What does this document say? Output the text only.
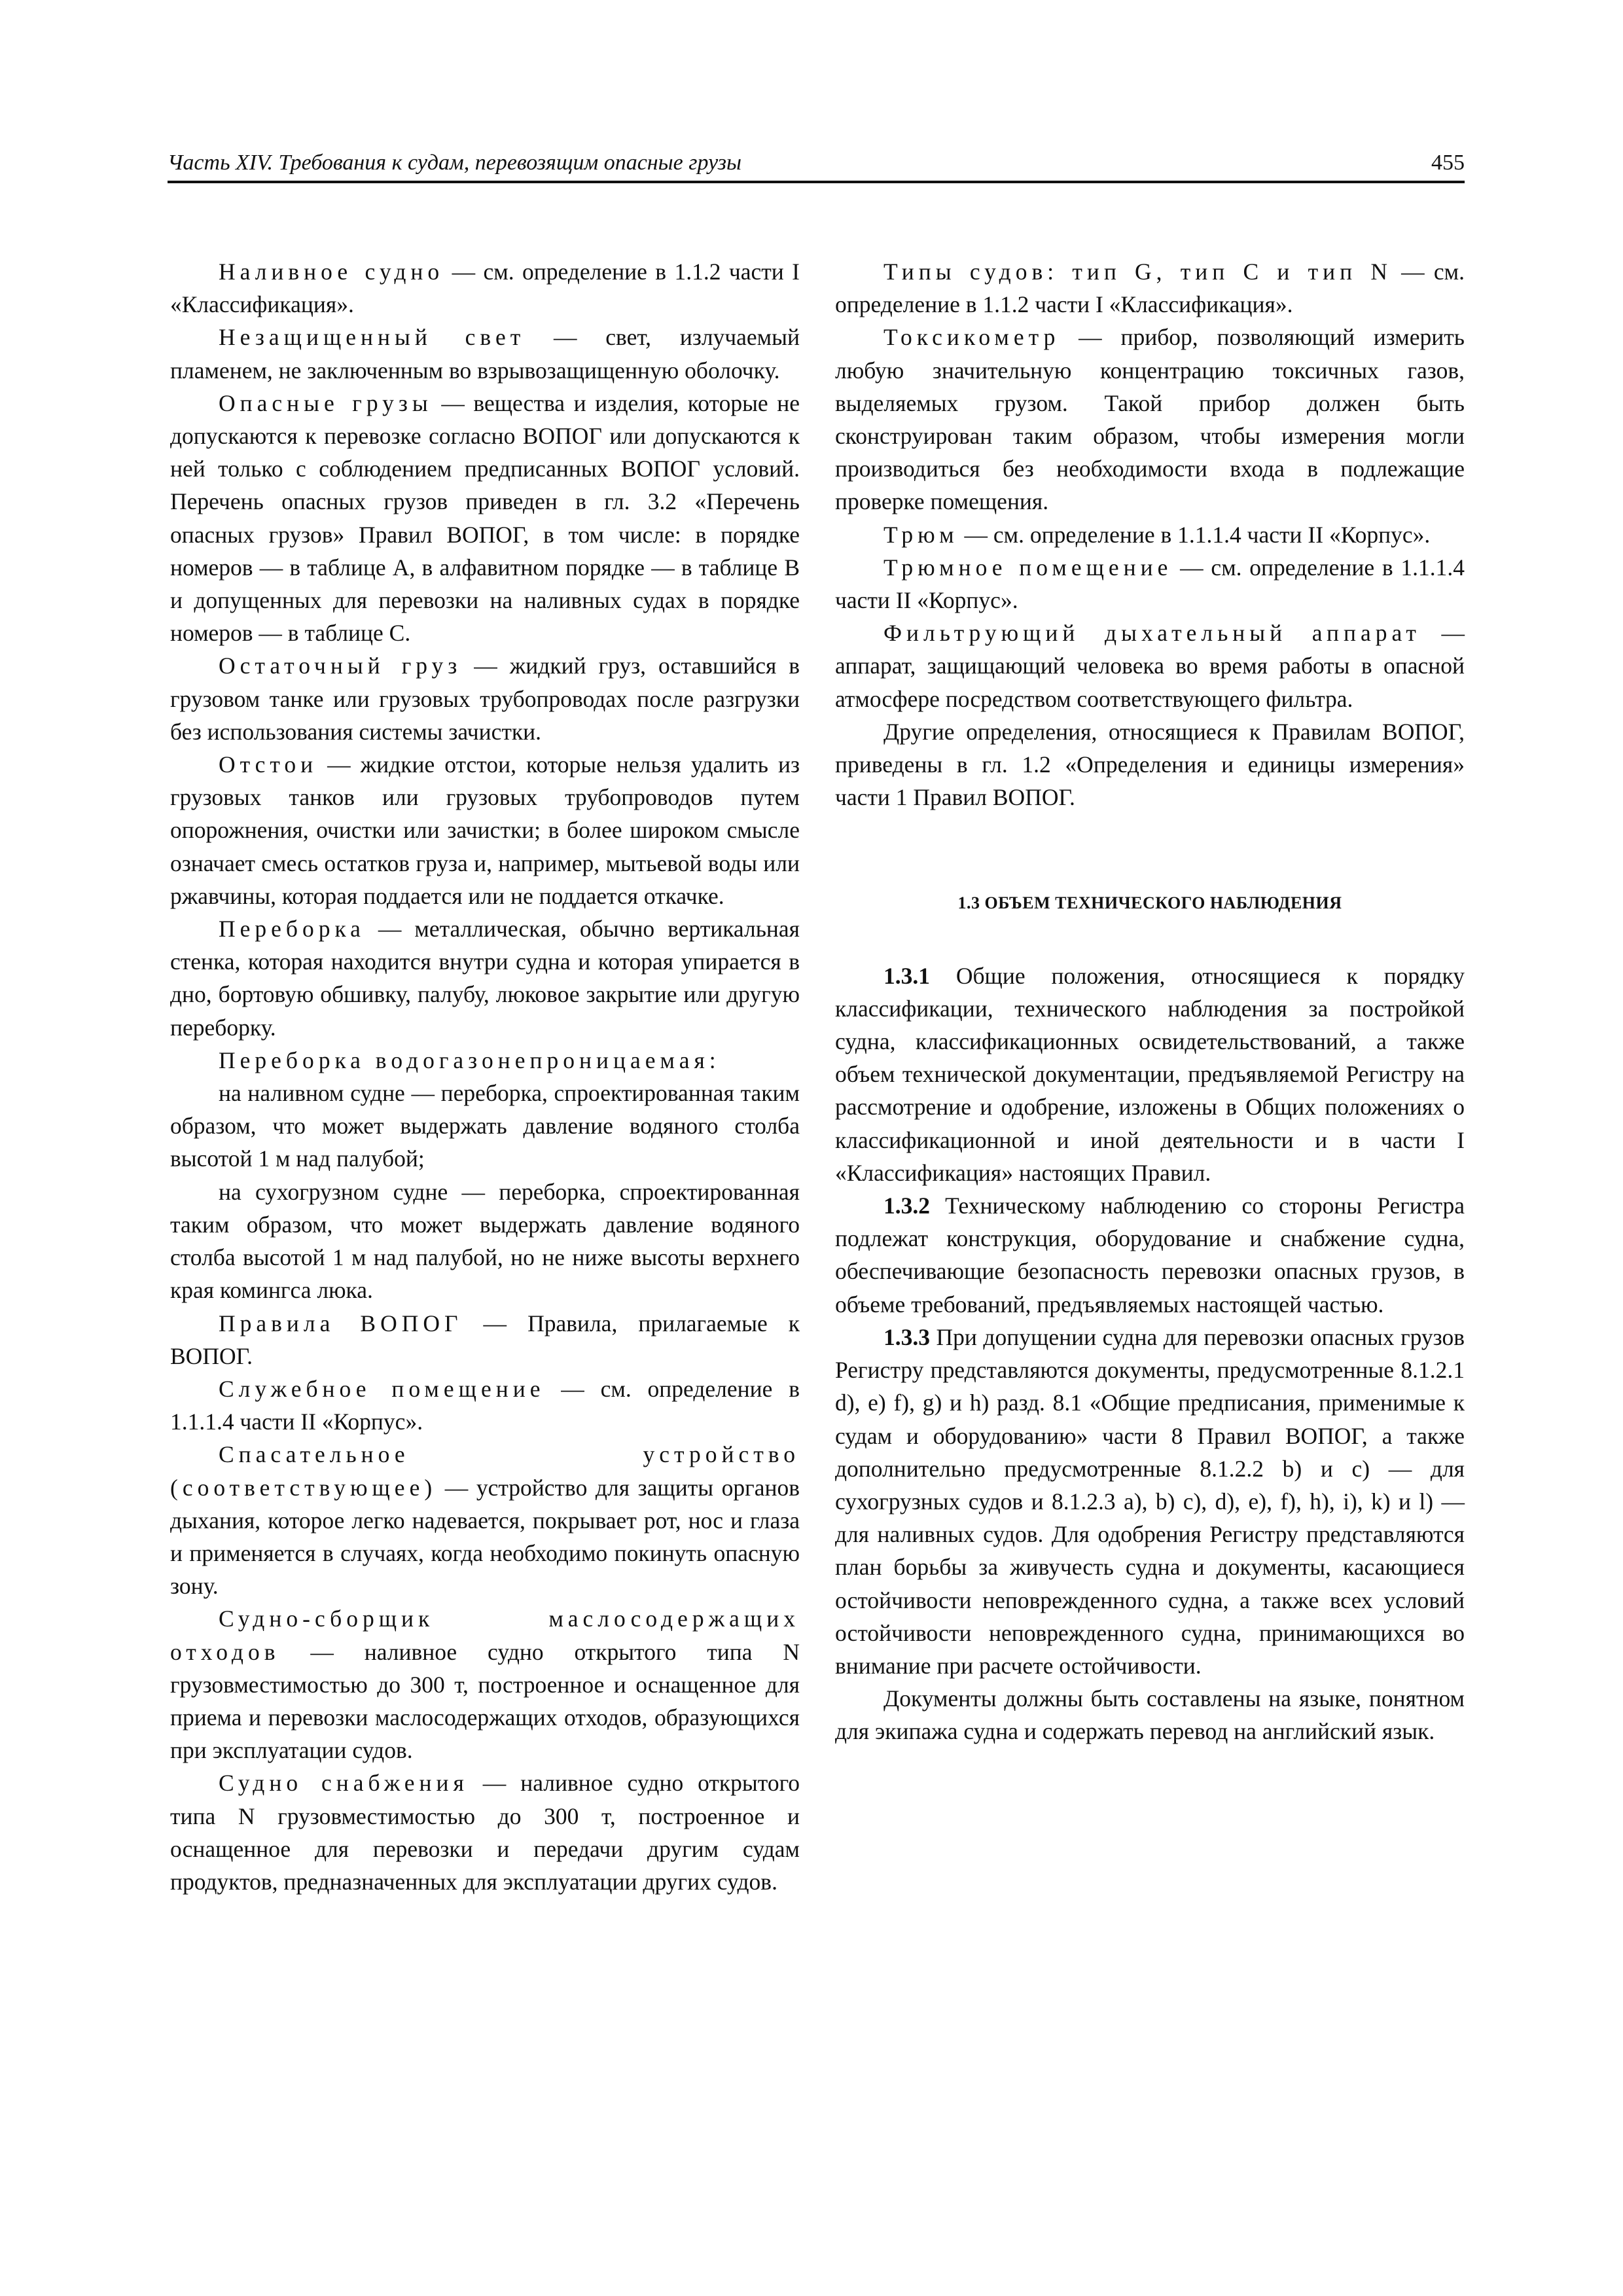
Часть XIV. Требования к судам, перевозящим опасные грузы	455

Наливное судно — см. определение в 1.1.2 части I «Классификация».

Незащищенный свет — свет, излучаемый пламенем, не заключенным во взрывозащищенную оболочку.

Опасные грузы — вещества и изделия, которые не допускаются к перевозке согласно ВОПОГ или допускаются к ней только с соблюдением предписанных ВОПОГ условий. Перечень опасных грузов приведен в гл. 3.2 «Перечень опасных грузов» Правил ВОПОГ, в том числе: в порядке номеров — в таблице А, в алфавитном порядке — в таблице В и допущенных для перевозки на наливных судах в порядке номеров — в таблице С.

Остаточный груз — жидкий груз, оставшийся в грузовом танке или грузовых трубопроводах после разгрузки без использования системы зачистки.

Отстои — жидкие отстои, которые нельзя удалить из грузовых танков или грузовых трубопроводов путем опорожнения, очистки или зачистки; в более широком смысле означает смесь остатков груза и, например, мытьевой воды или ржавчины, которая поддается или не поддается откачке.

Переборка — металлическая, обычно вертикальная стенка, которая находится внутри судна и которая упирается в дно, бортовую обшивку, палубу, люковое закрытие или другую переборку.

Переборка водогазонепроницаемая:

на наливном судне — переборка, спроектированная таким образом, что может выдержать давление водяного столба высотой 1 м над палубой;

на сухогрузном судне — переборка, спроектированная таким образом, что может выдержать давление водяного столба высотой 1 м над палубой, но не ниже высоты верхнего края комингса люка.

Правила ВОПОГ — Правила, прилагаемые к ВОПОГ.

Служебное помещение — см. определение в 1.1.1.4 части II «Корпус».

Спасательное устройство (соответствующее) — устройство для защиты органов дыхания, которое легко надевается, покрывает рот, нос и глаза и применяется в случаях, когда необходимо покинуть опасную зону.

Судно-сборщик маслосодержащих отходов — наливное судно открытого типа N грузовместимостью до 300 т, построенное и оснащенное для приема и перевозки маслосодержащих отходов, образующихся при эксплуатации судов.

Судно снабжения — наливное судно открытого типа N грузовместимостью до 300 т, построенное и оснащенное для перевозки и передачи другим судам продуктов, предназначенных для эксплуатации других судов.

Типы судов: тип G, тип C и тип N — см. определение в 1.1.2 части I «Классификация».

Токсикометр — прибор, позволяющий измерить любую значительную концентрацию токсичных газов, выделяемых грузом. Такой прибор должен быть сконструирован таким образом, чтобы измерения могли производиться без необходимости входа в подлежащие проверке помещения.

Трюм — см. определение в 1.1.1.4 части II «Корпус».

Трюмное помещение — см. определение в 1.1.1.4 части II «Корпус».

Фильтрующий дыхательный аппарат — аппарат, защищающий человека во время работы в опасной атмосфере посредством соответствующего фильтра.

Другие определения, относящиеся к Правилам ВОПОГ, приведены в гл. 1.2 «Определения и единицы измерения» части 1 Правил ВОПОГ.

1.3 ОБЪЕМ ТЕХНИЧЕСКОГО НАБЛЮДЕНИЯ

1.3.1 Общие положения, относящиеся к порядку классификации, технического наблюдения за постройкой судна, классификационных освидетельствований, а также объем технической документации, предъявляемой Регистру на рассмотрение и одобрение, изложены в Общих положениях о классификационной и иной деятельности и в части I «Классификация» настоящих Правил.

1.3.2 Техническому наблюдению со стороны Регистра подлежат конструкция, оборудование и снабжение судна, обеспечивающие безопасность перевозки опасных грузов, в объеме требований, предъявляемых настоящей частью.

1.3.3 При допущении судна для перевозки опасных грузов Регистру представляются документы, предусмотренные 8.1.2.1 d), e) f), g) и h) разд. 8.1 «Общие предписания, применимые к судам и оборудованию» части 8 Правил ВОПОГ, а также дополнительно предусмотренные 8.1.2.2 b) и c) — для сухогрузных судов и 8.1.2.3 a), b) c), d), e), f), h), i), k) и l) — для наливных судов. Для одобрения Регистру представляются план борьбы за живучесть судна и документы, касающиеся остойчивости неповрежденного судна, а также всех условий остойчивости неповрежденного судна, принимающихся во внимание при расчете остойчивости.

Документы должны быть составлены на языке, понятном для экипажа судна и содержать перевод на английский язык.
